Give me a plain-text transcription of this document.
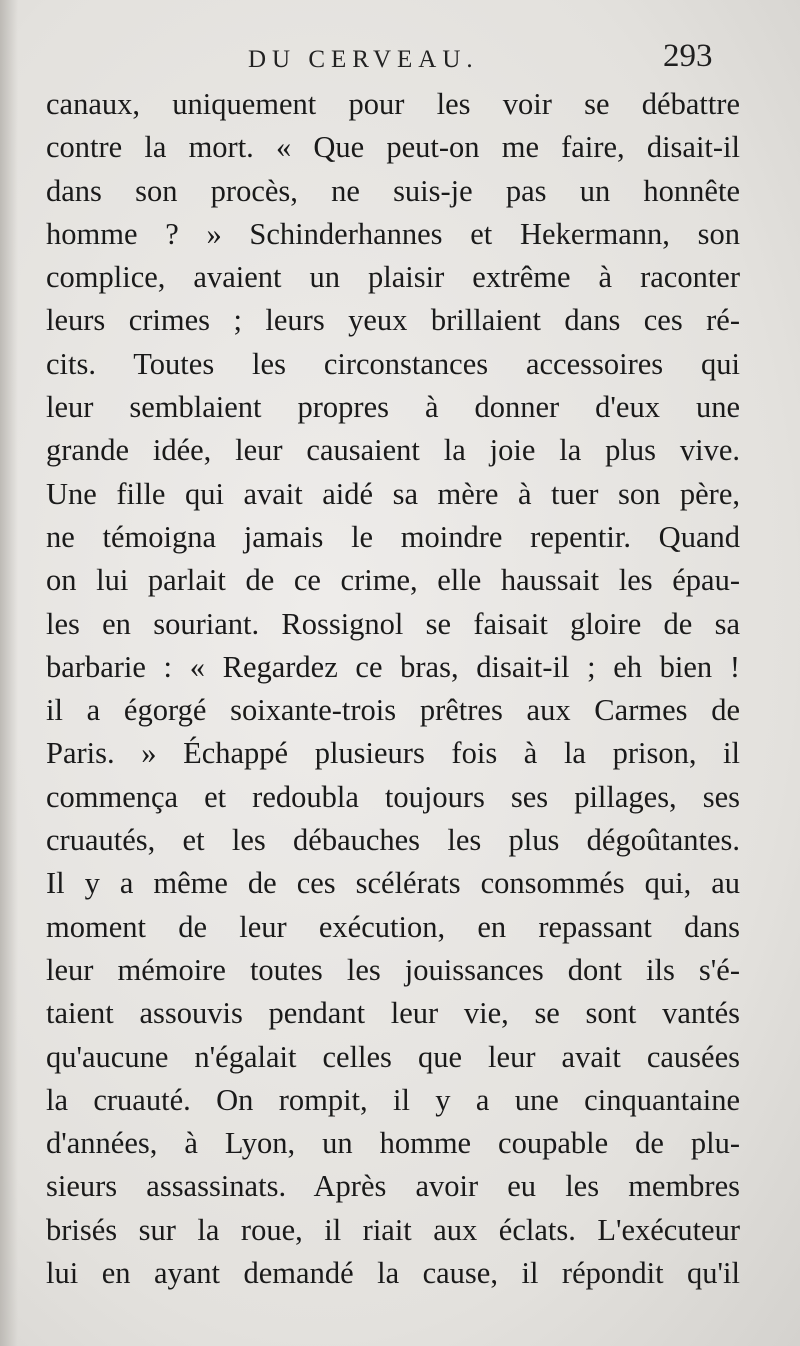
DU CERVEAU.	293
canaux, uniquement pour les voir se débattre
contre la mort. « Que peut-on me faire, disait-il
dans son procès, ne suis-je pas un honnête
homme ? » Schinderhannes et Hekermann, son
complice, avaient un plaisir extrême à raconter
leurs crimes ; leurs yeux brillaient dans ces ré-
cits. Toutes les circonstances accessoires qui
leur semblaient propres à donner d'eux une
grande idée, leur causaient la joie la plus vive.
Une fille qui avait aidé sa mère à tuer son père,
ne témoigna jamais le moindre repentir. Quand
on lui parlait de ce crime, elle haussait les épau-
les en souriant. Rossignol se faisait gloire de sa
barbarie : « Regardez ce bras, disait-il ; eh bien !
il a égorgé soixante-trois prêtres aux Carmes de
Paris. » Échappé plusieurs fois à la prison, il
commença et redoubla toujours ses pillages, ses
cruautés, et les débauches les plus dégoûtantes.
Il y a même de ces scélérats consommés qui, au
moment de leur exécution, en repassant dans
leur mémoire toutes les jouissances dont ils s'é-
taient assouvis pendant leur vie, se sont vantés
qu'aucune n'égalait celles que leur avait causées
la cruauté. On rompit, il y a une cinquantaine
d'années, à Lyon, un homme coupable de plu-
sieurs assassinats. Après avoir eu les membres
brisés sur la roue, il riait aux éclats. L'exécuteur
lui en ayant demandé la cause, il répondit qu'il
